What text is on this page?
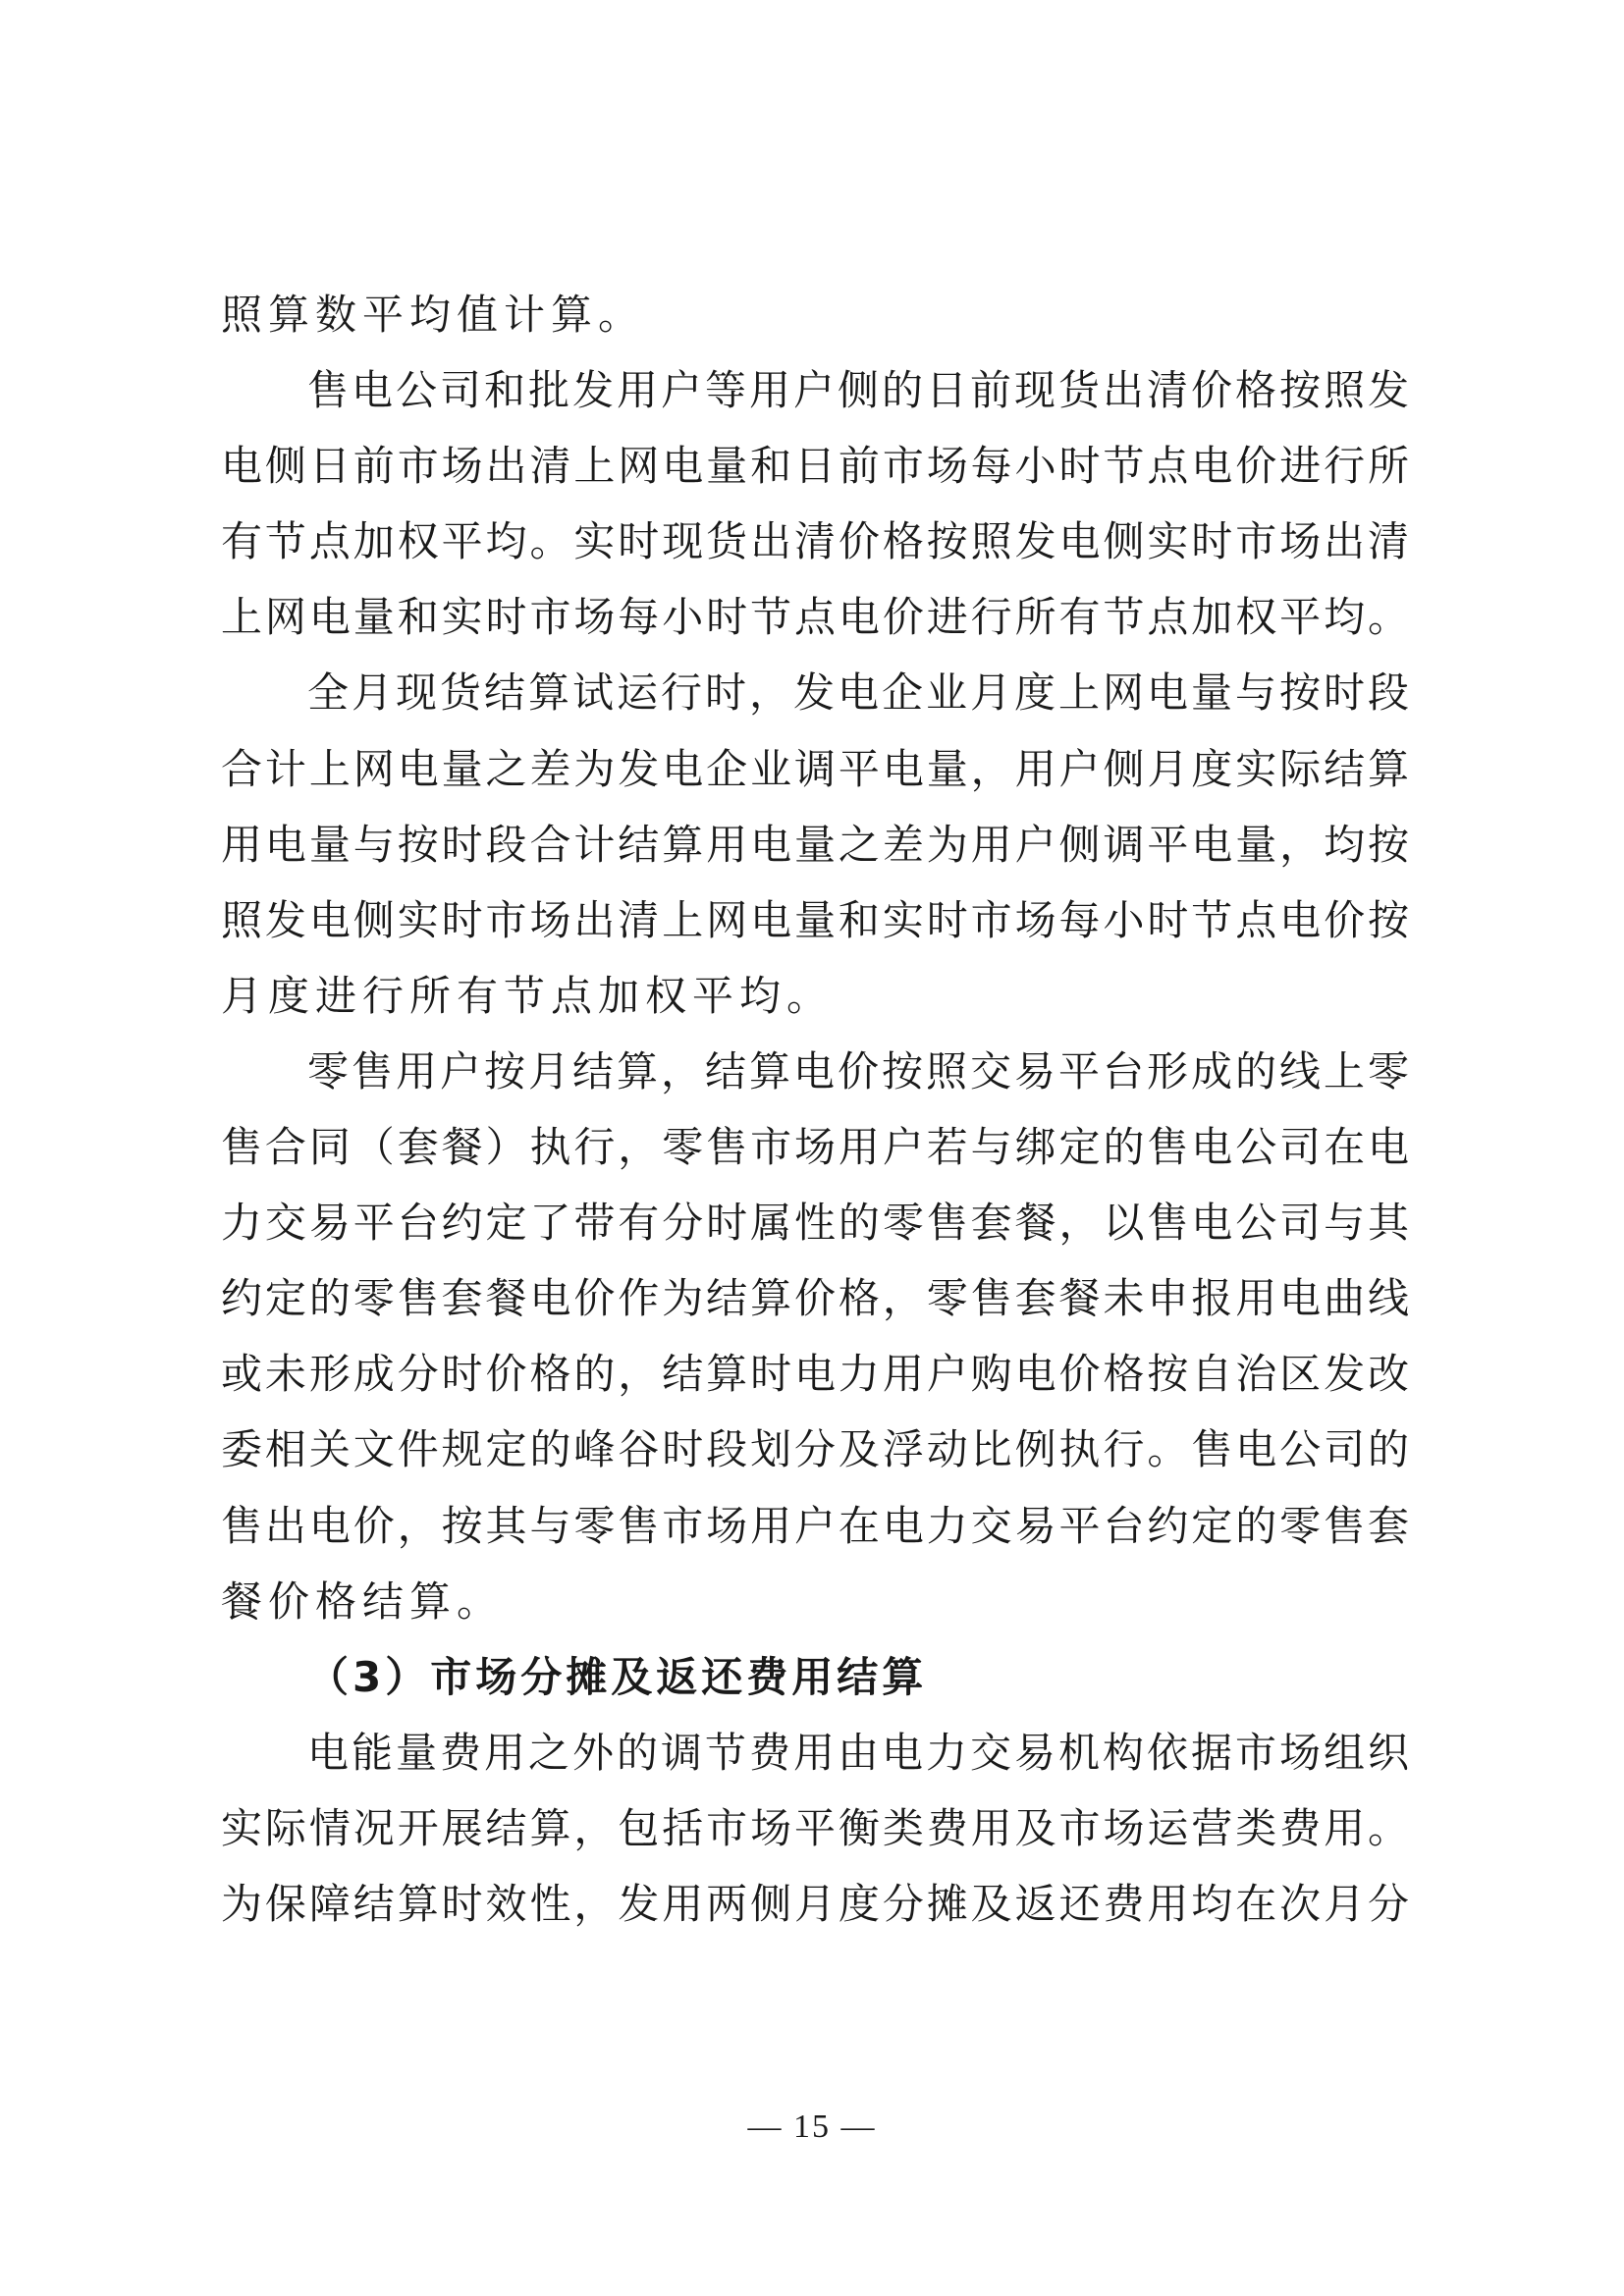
照算数平均值计算。
售电公司和批发用户等用户侧的日前现货出清价格按照发
电侧日前市场出清上网电量和日前市场每小时节点电价进行所
有节点加权平均。实时现货出清价格按照发电侧实时市场出清
上网电量和实时市场每小时节点电价进行所有节点加权平均。
全月现货结算试运行时，发电企业月度上网电量与按时段
合计上网电量之差为发电企业调平电量，用户侧月度实际结算
用电量与按时段合计结算用电量之差为用户侧调平电量，均按
照发电侧实时市场出清上网电量和实时市场每小时节点电价按
月度进行所有节点加权平均。
零售用户按月结算，结算电价按照交易平台形成的线上零
售合同（套餐）执行，零售市场用户若与绑定的售电公司在电
力交易平台约定了带有分时属性的零售套餐，以售电公司与其
约定的零售套餐电价作为结算价格，零售套餐未申报用电曲线
或未形成分时价格的，结算时电力用户购电价格按自治区发改
委相关文件规定的峰谷时段划分及浮动比例执行。售电公司的
售出电价，按其与零售市场用户在电力交易平台约定的零售套
餐价格结算。
（3）市场分摊及返还费用结算
电能量费用之外的调节费用由电力交易机构依据市场组织
实际情况开展结算，包括市场平衡类费用及市场运营类费用。
为保障结算时效性，发用两侧月度分摊及返还费用均在次月分
— 15 —
